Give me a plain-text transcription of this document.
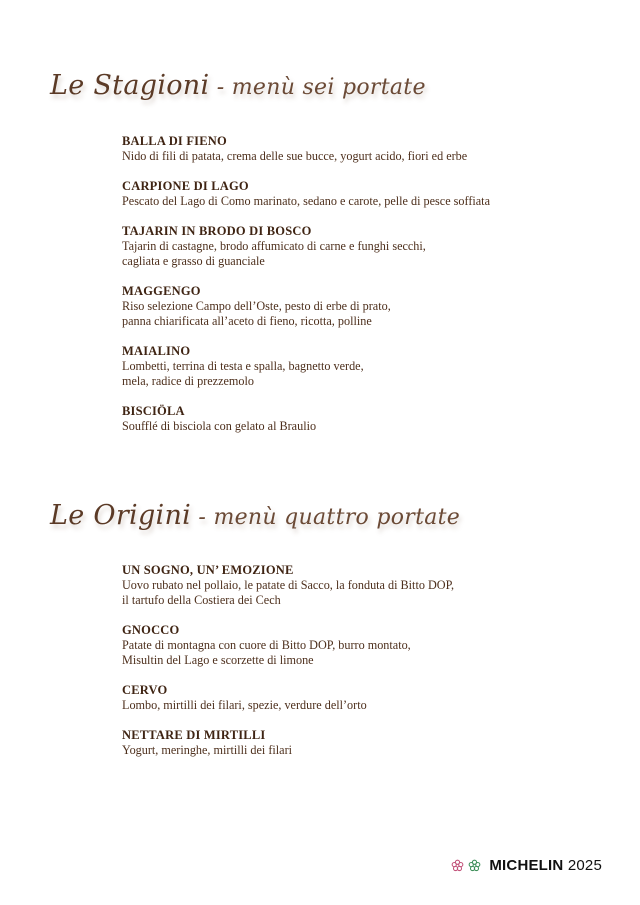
Le Stagioni - menù sei portate

BALLA DI FIENO

Nido di fili di patata, crema delle sue bucce, yogurt acido, fiori ed erbe

CARPIONE DI LAGO

Pescato del Lago di Como marinato, sedano e carote, pelle di pesce soffiata

TAJARIN IN BRODO DI BOSCO

Tajarin di castagne, brodo affumicato di carne e funghi secchi,
cagliata e grasso di guanciale

MAGGENGO

Riso selezione Campo dell’Oste, pesto di erbe di prato,
panna chiarificata all’aceto di fieno, ricotta, polline

MAIALINO

Lombetti, terrina di testa e spalla, bagnetto verde,
mela, radice di prezzemolo

BISCIÖLA

Soufflé di bisciola con gelato al Braulio

Le Origini - menù quattro portate

UN SOGNO, UN’ EMOZIONE

Uovo rubato nel pollaio, le patate di Sacco, la fonduta di Bitto DOP,
il tartufo della Costiera dei Cech

GNOCCO

Patate di montagna con cuore di Bitto DOP, burro montato,
Misultin del Lago e scorzette di limone

CERVO

Lombo, mirtilli dei filari, spezie, verdure dell’orto

NETTARE DI MIRTILLI

Yogurt, meringhe, mirtilli dei filari

MICHELIN 2025
